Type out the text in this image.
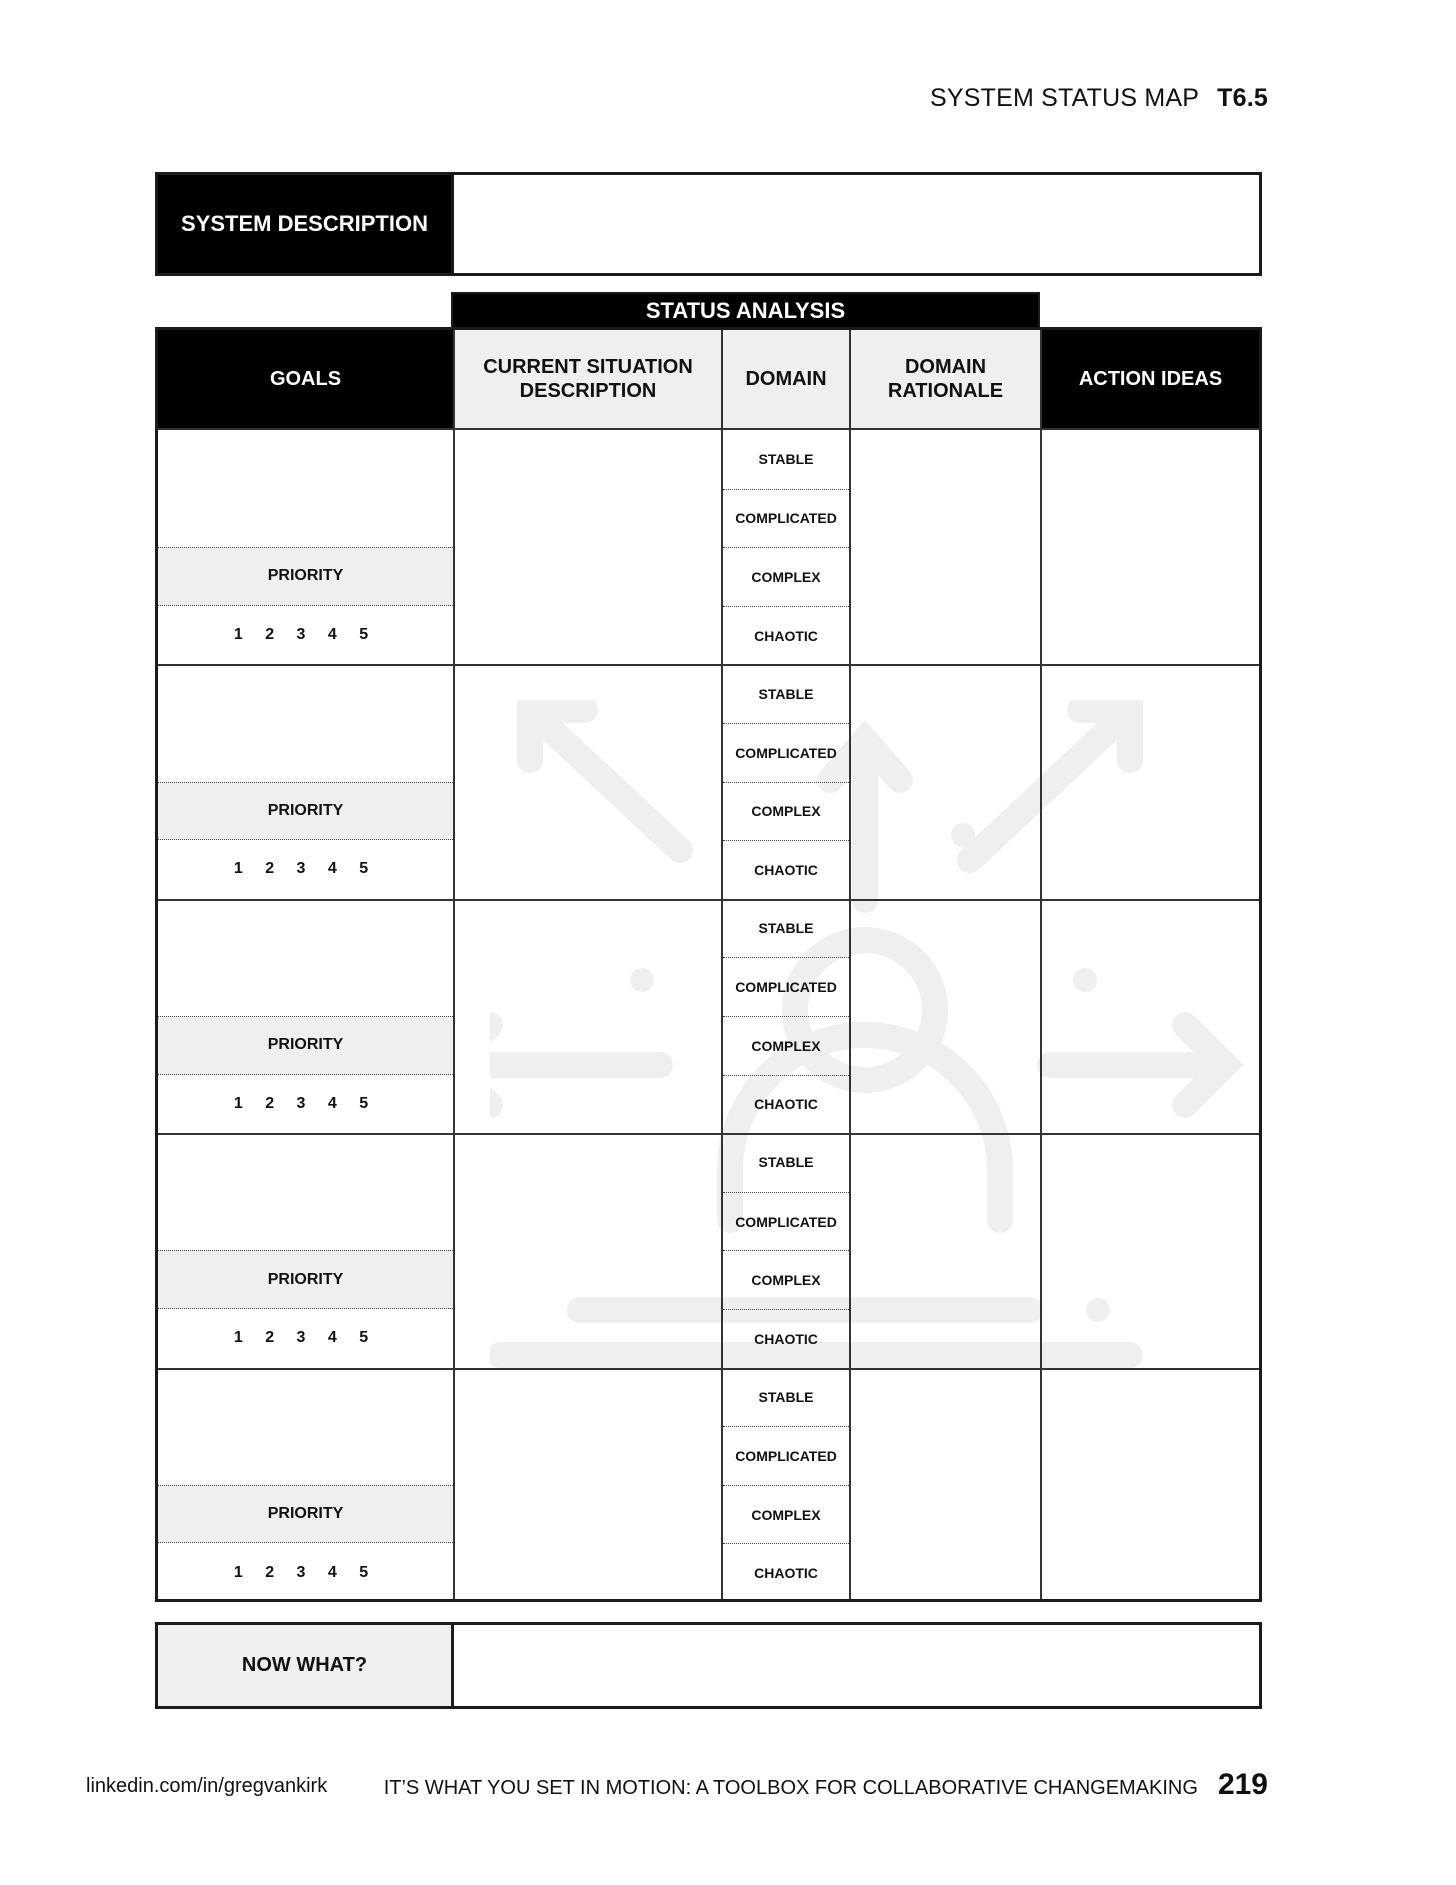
SYSTEM STATUS MAP T6.5
SYSTEM DESCRIPTION
STATUS ANALYSIS
GOALS
CURRENT SITUATION DESCRIPTION
DOMAIN
DOMAIN RATIONALE
ACTION IDEAS
PRIORITY
1 2 3 4 5
STABLE
COMPLICATED
COMPLEX
CHAOTIC
PRIORITY
1 2 3 4 5
STABLE
COMPLICATED
COMPLEX
CHAOTIC
PRIORITY
1 2 3 4 5
STABLE
COMPLICATED
COMPLEX
CHAOTIC
PRIORITY
1 2 3 4 5
STABLE
COMPLICATED
COMPLEX
CHAOTIC
PRIORITY
1 2 3 4 5
STABLE
COMPLICATED
COMPLEX
CHAOTIC
NOW WHAT?
linkedin.com/in/gregvankirk	IT’S WHAT YOU SET IN MOTION: A TOOLBOX FOR COLLABORATIVE CHANGEMAKING 219
